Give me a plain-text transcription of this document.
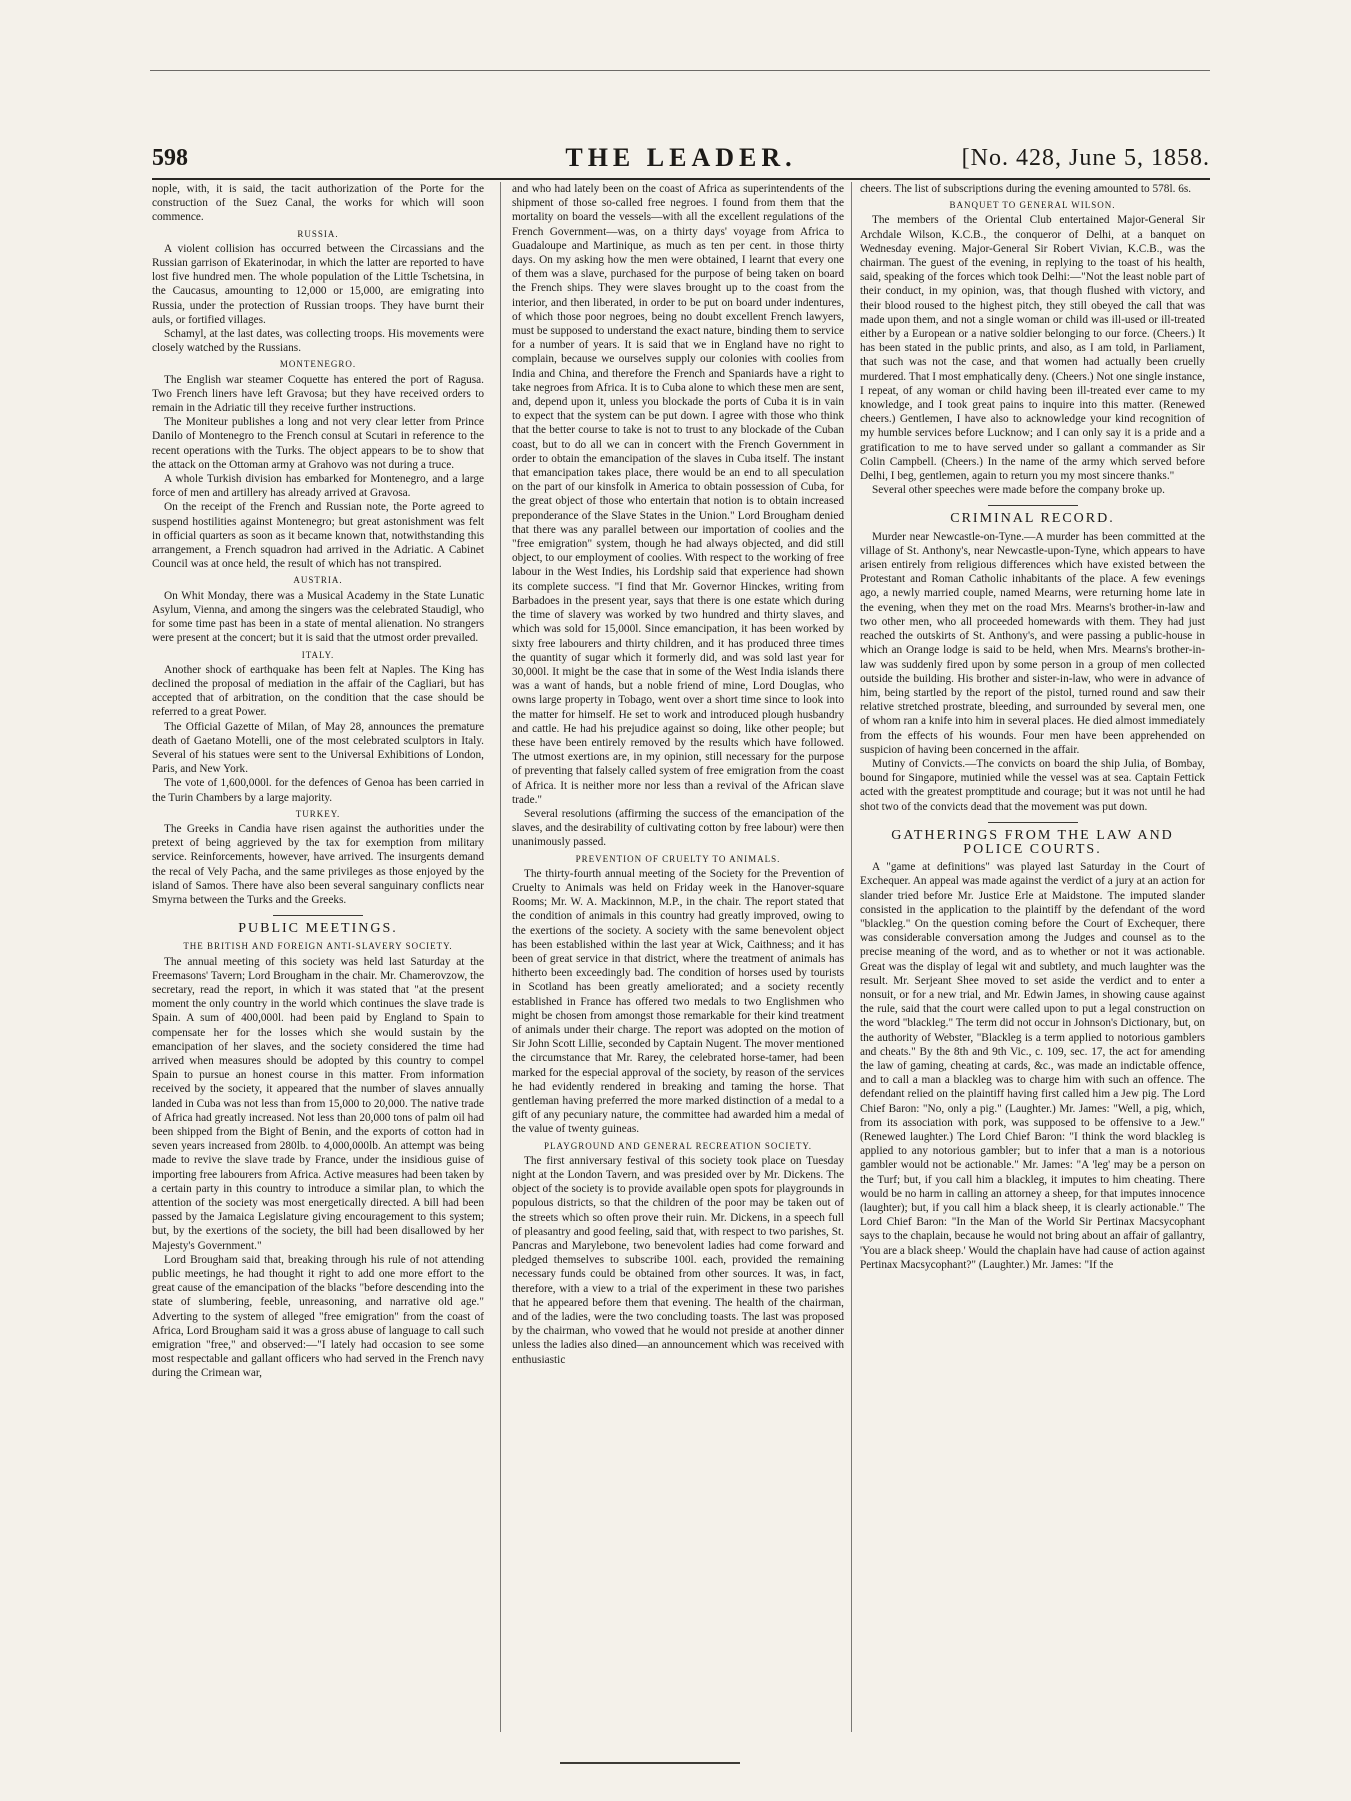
598	THE LEADER.	[No. 428, June 5, 1858.

nople, with, it is said, the tacit authorization of the Porte for the construction of the Suez Canal, the works for which will soon commence.

RUSSIA.

A violent collision has occurred between the Circassians and the Russian garrison of Ekaterinodar, in which the latter are reported to have lost five hundred men. The whole population of the Little Tschetsina, in the Caucasus, amounting to 12,000 or 15,000, are emigrating into Russia, under the protection of Russian troops. They have burnt their auls, or fortified villages.

Schamyl, at the last dates, was collecting troops. His movements were closely watched by the Russians.

MONTENEGRO.

The English war steamer Coquette has entered the port of Ragusa. Two French liners have left Gravosa; but they have received orders to remain in the Adriatic till they receive further instructions.

The Moniteur publishes a long and not very clear letter from Prince Danilo of Montenegro to the French consul at Scutari in reference to the recent operations with the Turks. The object appears to be to show that the attack on the Ottoman army at Grahovo was not during a truce.

A whole Turkish division has embarked for Montenegro, and a large force of men and artillery has already arrived at Gravosa.

On the receipt of the French and Russian note, the Porte agreed to suspend hostilities against Montenegro; but great astonishment was felt in official quarters as soon as it became known that, notwithstanding this arrangement, a French squadron had arrived in the Adriatic. A Cabinet Council was at once held, the result of which has not transpired.

AUSTRIA.

On Whit Monday, there was a Musical Academy in the State Lunatic Asylum, Vienna, and among the singers was the celebrated Staudigl, who for some time past has been in a state of mental alienation. No strangers were present at the concert; but it is said that the utmost order prevailed.

ITALY.

Another shock of earthquake has been felt at Naples. The King has declined the proposal of mediation in the affair of the Cagliari, but has accepted that of arbitration, on the condition that the case should be referred to a great Power.

The Official Gazette of Milan, of May 28, announces the premature death of Gaetano Motelli, one of the most celebrated sculptors in Italy. Several of his statues were sent to the Universal Exhibitions of London, Paris, and New York.

The vote of 1,600,000l. for the defences of Genoa has been carried in the Turin Chambers by a large majority.

TURKEY.

The Greeks in Candia have risen against the authorities under the pretext of being aggrieved by the tax for exemption from military service. Reinforcements, however, have arrived. The insurgents demand the recal of Vely Pacha, and the same privileges as those enjoyed by the island of Samos. There have also been several sanguinary conflicts near Smyrna between the Turks and the Greeks.

PUBLIC MEETINGS.
THE BRITISH AND FOREIGN ANTI-SLAVERY SOCIETY.

The annual meeting of this society was held last Saturday at the Freemasons' Tavern; Lord Brougham in the chair. Mr. Chamerovzow, the secretary, read the report, in which it was stated that "at the present moment the only country in the world which continues the slave trade is Spain. A sum of 400,000l. had been paid by England to Spain to compensate her for the losses which she would sustain by the emancipation of her slaves, and the society considered the time had arrived when measures should be adopted by this country to compel Spain to pursue an honest course in this matter. From information received by the society, it appeared that the number of slaves annually landed in Cuba was not less than from 15,000 to 20,000. The native trade of Africa had greatly increased. Not less than 20,000 tons of palm oil had been shipped from the Bight of Benin, and the exports of cotton had in seven years increased from 280lb. to 4,000,000lb. An attempt was being made to revive the slave trade by France, under the insidious guise of importing free labourers from Africa. Active measures had been taken by a certain party in this country to introduce a similar plan, to which the attention of the society was most energetically directed. A bill had been passed by the Jamaica Legislature giving encouragement to this system; but, by the exertions of the society, the bill had been disallowed by her Majesty's Government."

Lord Brougham said that, breaking through his rule of not attending public meetings, he had thought it right to add one more effort to the great cause of the emancipation of the blacks "before descending into the state of slumbering, feeble, unreasoning, and narrative old age." Adverting to the system of alleged "free emigration" from the coast of Africa, Lord Brougham said it was a gross abuse of language to call such emigration "free," and observed:—"I lately had occasion to see some most respectable and gallant officers who had served in the French navy during the Crimean war,

and who had lately been on the coast of Africa as superintendents of the shipment of those so-called free negroes. I found from them that the mortality on board the vessels—with all the excellent regulations of the French Government—was, on a thirty days' voyage from Africa to Guadaloupe and Martinique, as much as ten per cent. in those thirty days. On my asking how the men were obtained, I learnt that every one of them was a slave, purchased for the purpose of being taken on board the French ships. They were slaves brought up to the coast from the interior, and then liberated, in order to be put on board under indentures, of which those poor negroes, being no doubt excellent French lawyers, must be supposed to understand the exact nature, binding them to service for a number of years. It is said that we in England have no right to complain, because we ourselves supply our colonies with coolies from India and China, and therefore the French and Spaniards have a right to take negroes from Africa. It is to Cuba alone to which these men are sent, and, depend upon it, unless you blockade the ports of Cuba it is in vain to expect that the system can be put down. I agree with those who think that the better course to take is not to trust to any blockade of the Cuban coast, but to do all we can in concert with the French Government in order to obtain the emancipation of the slaves in Cuba itself. The instant that emancipation takes place, there would be an end to all speculation on the part of our kinsfolk in America to obtain possession of Cuba, for the great object of those who entertain that notion is to obtain increased preponderance of the Slave States in the Union." Lord Brougham denied that there was any parallel between our importation of coolies and the "free emigration" system, though he had always objected, and did still object, to our employment of coolies. With respect to the working of free labour in the West Indies, his Lordship said that experience had shown its complete success. "I find that Mr. Governor Hinckes, writing from Barbadoes in the present year, says that there is one estate which during the time of slavery was worked by two hundred and thirty slaves, and which was sold for 15,000l. Since emancipation, it has been worked by sixty free labourers and thirty children, and it has produced three times the quantity of sugar which it formerly did, and was sold last year for 30,000l. It might be the case that in some of the West India islands there was a want of hands, but a noble friend of mine, Lord Douglas, who owns large property in Tobago, went over a short time since to look into the matter for himself. He set to work and introduced plough husbandry and cattle. He had his prejudice against so doing, like other people; but these have been entirely removed by the results which have followed. The utmost exertions are, in my opinion, still necessary for the purpose of preventing that falsely called system of free emigration from the coast of Africa. It is neither more nor less than a revival of the African slave trade."

Several resolutions (affirming the success of the emancipation of the slaves, and the desirability of cultivating cotton by free labour) were then unanimously passed.

PREVENTION OF CRUELTY TO ANIMALS.

The thirty-fourth annual meeting of the Society for the Prevention of Cruelty to Animals was held on Friday week in the Hanover-square Rooms; Mr. W. A. Mackinnon, M.P., in the chair. The report stated that the condition of animals in this country had greatly improved, owing to the exertions of the society. A society with the same benevolent object has been established within the last year at Wick, Caithness; and it has been of great service in that district, where the treatment of animals has hitherto been exceedingly bad. The condition of horses used by tourists in Scotland has been greatly ameliorated; and a society recently established in France has offered two medals to two Englishmen who might be chosen from amongst those remarkable for their kind treatment of animals under their charge. The report was adopted on the motion of Sir John Scott Lillie, seconded by Captain Nugent. The mover mentioned the circumstance that Mr. Rarey, the celebrated horse-tamer, had been marked for the especial approval of the society, by reason of the services he had evidently rendered in breaking and taming the horse. That gentleman having preferred the more marked distinction of a medal to a gift of any pecuniary nature, the committee had awarded him a medal of the value of twenty guineas.

PLAYGROUND AND GENERAL RECREATION SOCIETY.

The first anniversary festival of this society took place on Tuesday night at the London Tavern, and was presided over by Mr. Dickens. The object of the society is to provide available open spots for playgrounds in populous districts, so that the children of the poor may be taken out of the streets which so often prove their ruin. Mr. Dickens, in a speech full of pleasantry and good feeling, said that, with respect to two parishes, St. Pancras and Marylebone, two benevolent ladies had come forward and pledged themselves to subscribe 100l. each, provided the remaining necessary funds could be obtained from other sources. It was, in fact, therefore, with a view to a trial of the experiment in these two parishes that he appeared before them that evening. The health of the chairman, and of the ladies, were the two concluding toasts. The last was proposed by the chairman, who vowed that he would not preside at another dinner unless the ladies also dined—an announcement which was received with enthusiastic

cheers. The list of subscriptions during the evening amounted to 578l. 6s.

BANQUET TO GENERAL WILSON.

The members of the Oriental Club entertained Major-General Sir Archdale Wilson, K.C.B., the conqueror of Delhi, at a banquet on Wednesday evening. Major-General Sir Robert Vivian, K.C.B., was the chairman. The guest of the evening, in replying to the toast of his health, said, speaking of the forces which took Delhi:—"Not the least noble part of their conduct, in my opinion, was, that though flushed with victory, and their blood roused to the highest pitch, they still obeyed the call that was made upon them, and not a single woman or child was ill-used or ill-treated either by a European or a native soldier belonging to our force. (Cheers.) It has been stated in the public prints, and also, as I am told, in Parliament, that such was not the case, and that women had actually been cruelly murdered. That I most emphatically deny. (Cheers.) Not one single instance, I repeat, of any woman or child having been ill-treated ever came to my knowledge, and I took great pains to inquire into this matter. (Renewed cheers.) Gentlemen, I have also to acknowledge your kind recognition of my humble services before Lucknow; and I can only say it is a pride and a gratification to me to have served under so gallant a commander as Sir Colin Campbell. (Cheers.) In the name of the army which served before Delhi, I beg, gentlemen, again to return you my most sincere thanks."

Several other speeches were made before the company broke up.

CRIMINAL RECORD.

Murder near Newcastle-on-Tyne.—A murder has been committed at the village of St. Anthony's, near Newcastle-upon-Tyne, which appears to have arisen entirely from religious differences which have existed between the Protestant and Roman Catholic inhabitants of the place. A few evenings ago, a newly married couple, named Mearns, were returning home late in the evening, when they met on the road Mrs. Mearns's brother-in-law and two other men, who all proceeded homewards with them. They had just reached the outskirts of St. Anthony's, and were passing a public-house in which an Orange lodge is said to be held, when Mrs. Mearns's brother-in-law was suddenly fired upon by some person in a group of men collected outside the building. His brother and sister-in-law, who were in advance of him, being startled by the report of the pistol, turned round and saw their relative stretched prostrate, bleeding, and surrounded by several men, one of whom ran a knife into him in several places. He died almost immediately from the effects of his wounds. Four men have been apprehended on suspicion of having been concerned in the affair.

Mutiny of Convicts.—The convicts on board the ship Julia, of Bombay, bound for Singapore, mutinied while the vessel was at sea. Captain Fettick acted with the greatest promptitude and courage; but it was not until he had shot two of the convicts dead that the movement was put down.

GATHERINGS FROM THE LAW AND POLICE COURTS.

A "game at definitions" was played last Saturday in the Court of Exchequer. An appeal was made against the verdict of a jury at an action for slander tried before Mr. Justice Erle at Maidstone. The imputed slander consisted in the application to the plaintiff by the defendant of the word "blackleg." On the question coming before the Court of Exchequer, there was considerable conversation among the Judges and counsel as to the precise meaning of the word, and as to whether or not it was actionable. Great was the display of legal wit and subtlety, and much laughter was the result. Mr. Serjeant Shee moved to set aside the verdict and to enter a nonsuit, or for a new trial, and Mr. Edwin James, in showing cause against the rule, said that the court were called upon to put a legal construction on the word "blackleg." The term did not occur in Johnson's Dictionary, but, on the authority of Webster, "Blackleg is a term applied to notorious gamblers and cheats." By the 8th and 9th Vic., c. 109, sec. 17, the act for amending the law of gaming, cheating at cards, &c., was made an indictable offence, and to call a man a blackleg was to charge him with such an offence. The defendant relied on the plaintiff having first called him a Jew pig. The Lord Chief Baron: "No, only a pig." (Laughter.) Mr. James: "Well, a pig, which, from its association with pork, was supposed to be offensive to a Jew." (Renewed laughter.) The Lord Chief Baron: "I think the word blackleg is applied to any notorious gambler; but to infer that a man is a notorious gambler would not be actionable." Mr. James: "A 'leg' may be a person on the Turf; but, if you call him a blackleg, it imputes to him cheating. There would be no harm in calling an attorney a sheep, for that imputes innocence (laughter); but, if you call him a black sheep, it is clearly actionable." The Lord Chief Baron: "In the Man of the World Sir Pertinax Macsycophant says to the chaplain, because he would not bring about an affair of gallantry, 'You are a black sheep.' Would the chaplain have had cause of action against Pertinax Macsycophant?" (Laughter.) Mr. James: "If the
